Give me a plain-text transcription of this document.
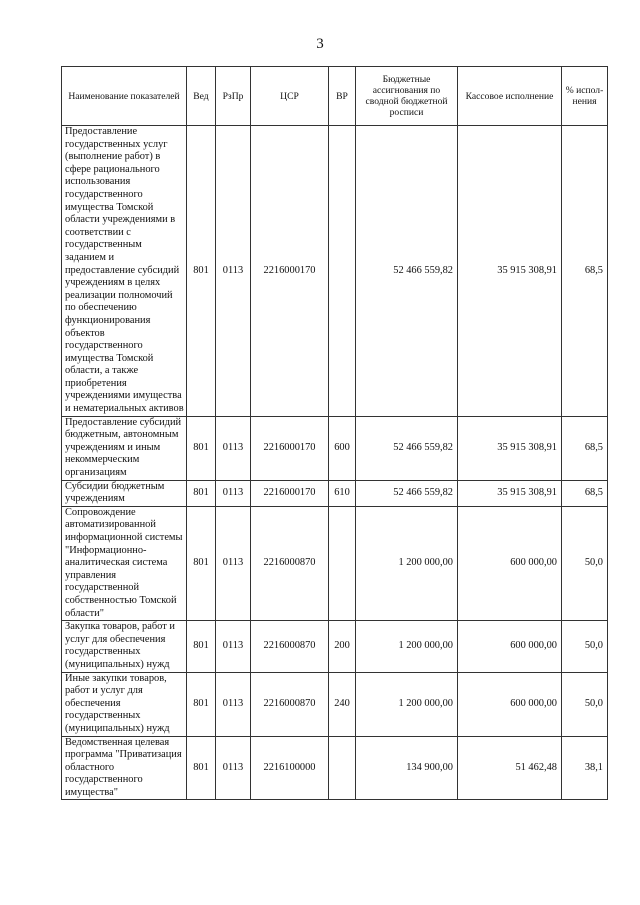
3
Наименование показателей	Вед	РзПр	ЦСР	ВР	Бюджетные ассигнования по сводной бюджетной росписи	Кассовое исполнение	% испол-нения
Предоставление государственных услуг (выполнение работ) в сфере рационального использования государственного имущества Томской области учреждениями в соответствии с государственным заданием и предоставление субсидий учреждениям в целях реализации полномочий по обеспечению функционирования объектов государственного имущества Томской области, а также приобретения учреждениями имущества и нематериальных активов	801	0113	2216000170		52 466 559,82	35 915 308,91	68,5
Предоставление субсидий бюджетным, автономным учреждениям и иным некоммерческим организациям	801	0113	2216000170	600	52 466 559,82	35 915 308,91	68,5
Субсидии бюджетным учреждениям	801	0113	2216000170	610	52 466 559,82	35 915 308,91	68,5
Сопровождение автоматизированной информационной системы "Информационно-аналитическая система управления государственной собственностью Томской области"	801	0113	2216000870		1 200 000,00	600 000,00	50,0
Закупка товаров, работ и услуг для обеспечения государственных (муниципальных) нужд	801	0113	2216000870	200	1 200 000,00	600 000,00	50,0
Иные закупки товаров, работ и услуг для обеспечения государственных (муниципальных) нужд	801	0113	2216000870	240	1 200 000,00	600 000,00	50,0
Ведомственная целевая программа "Приватизация областного государственного имущества"	801	0113	2216100000		134 900,00	51 462,48	38,1
